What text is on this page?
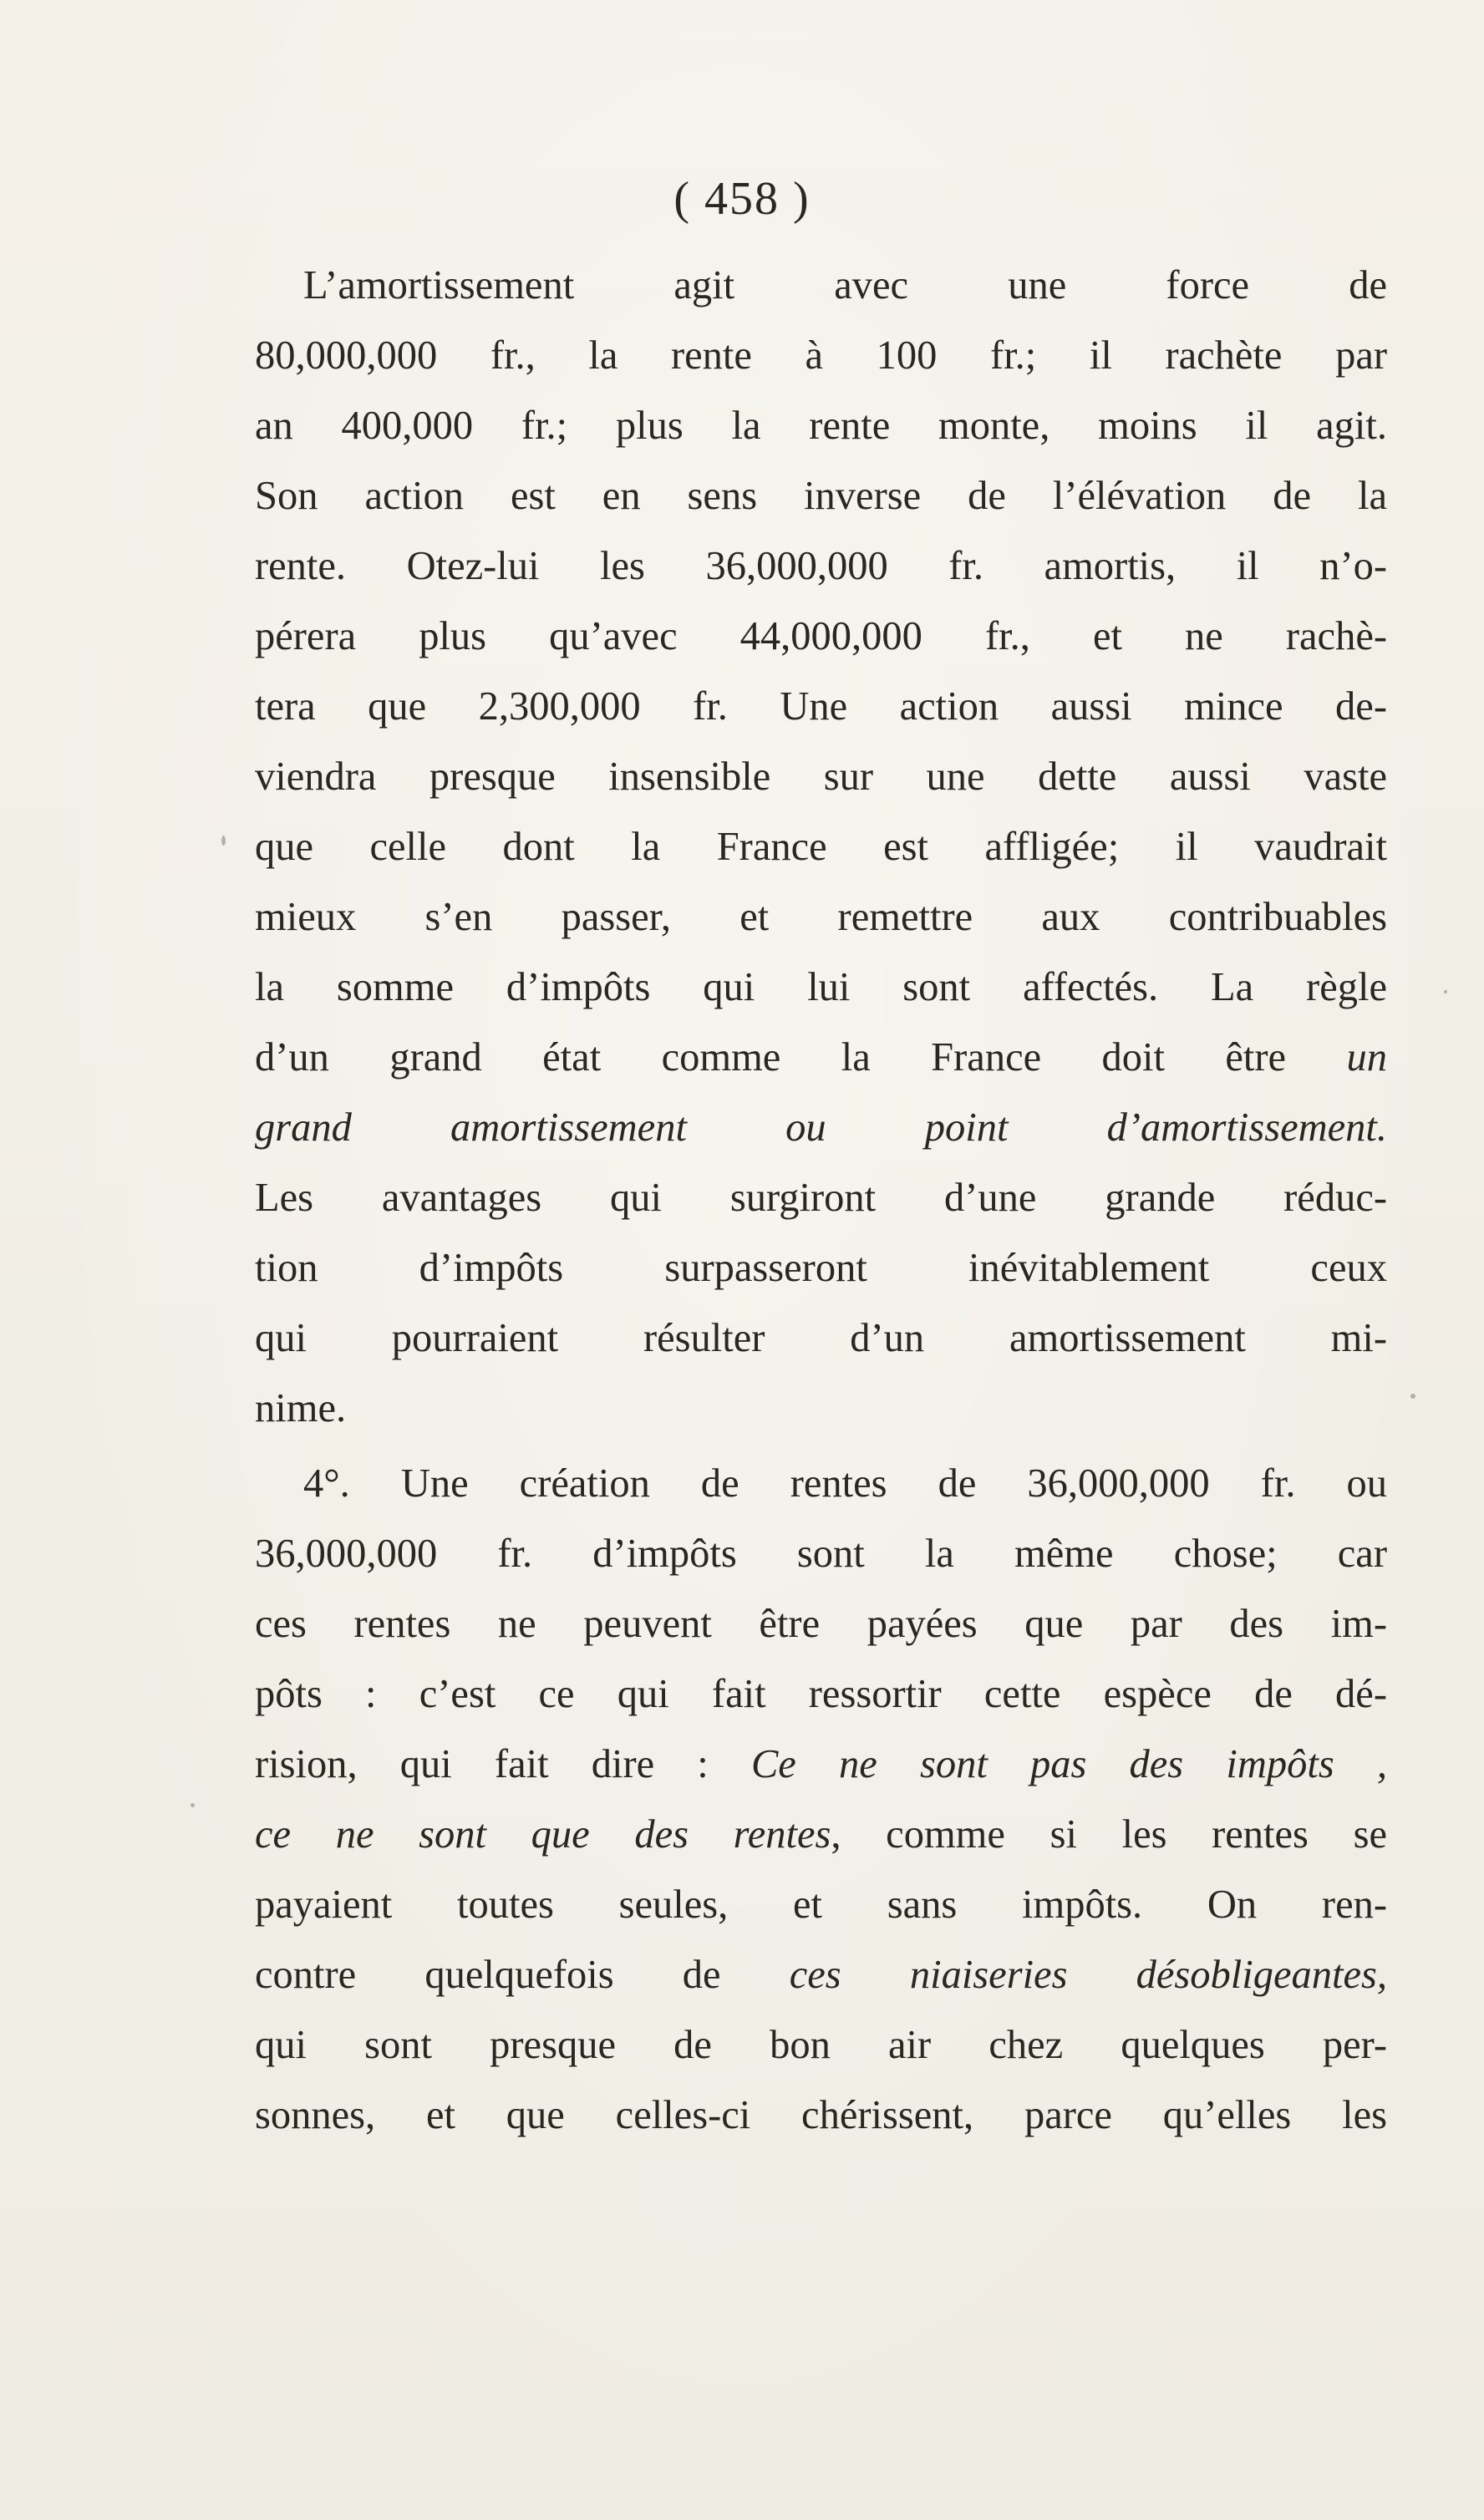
( 458 )
L’amortissement agit avec une force de
80,000,000 fr., la rente à 100 fr.; il rachète par
an 400,000 fr.; plus la rente monte, moins il agit.
Son action est en sens inverse de l’élévation de la
rente. Otez-lui les 36,000,000 fr. amortis, il n’o-
pérera plus qu’avec 44,000,000 fr., et ne rachè-
tera que 2,300,000 fr. Une action aussi mince de-
viendra presque insensible sur une dette aussi vaste
que celle dont la France est affligée; il vaudrait
mieux s’en passer, et remettre aux contribuables
la somme d’impôts qui lui sont affectés. La règle
d’un grand état comme la France doit être un
grand amortissement ou point d’amortissement.
Les avantages qui surgiront d’une grande réduc-
tion d’impôts surpasseront inévitablement ceux
qui pourraient résulter d’un amortissement mi-
nime.
4°. Une création de rentes de 36,000,000 fr. ou
36,000,000 fr. d’impôts sont la même chose; car
ces rentes ne peuvent être payées que par des im-
pôts : c’est ce qui fait ressortir cette espèce de dé-
rision, qui fait dire : Ce ne sont pas des impôts ,
ce ne sont que des rentes, comme si les rentes se
payaient toutes seules, et sans impôts. On ren-
contre quelquefois de ces niaiseries désobligeantes,
qui sont presque de bon air chez quelques per-
sonnes, et que celles-ci chérissent, parce qu’elles les
